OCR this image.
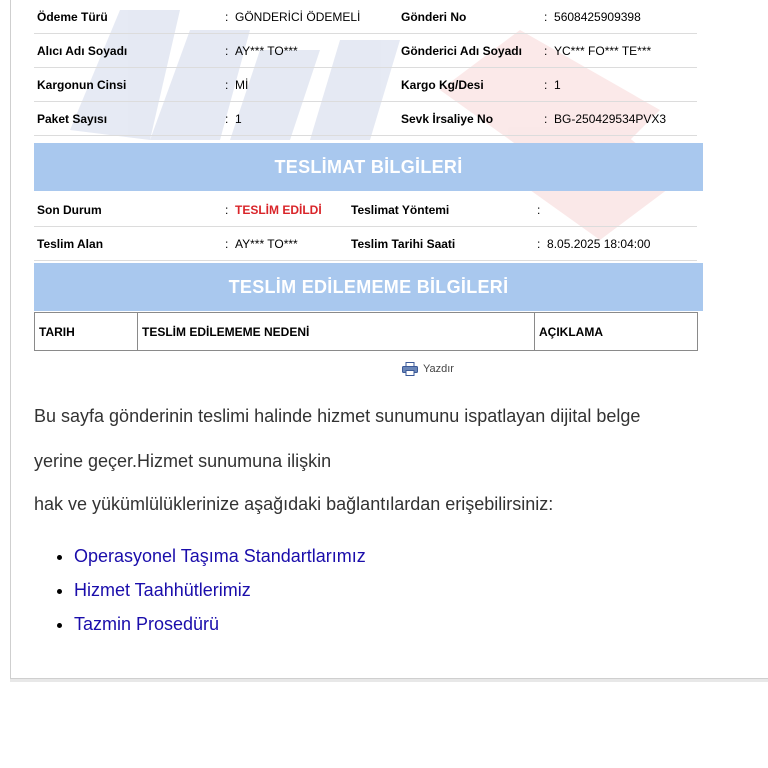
Ödeme Türü	: GÖNDERİCİ ÖDEMELİ	Gönderi No	: 5608425909398
Alıcı Adı Soyadı	: AY*** TO***	Gönderici Adı Soyadı	: YC*** FO*** TE***
Kargonun Cinsi	: Mİ	Kargo Kg/Desi	: 1
Paket Sayısı	: 1	Sevk İrsaliye No	: BG-250429534PVX3
TESLİMAT BİLGİLERİ
Son Durum	: TESLİM EDİLDİ	Teslimat Yöntemi	:
Teslim Alan	: AY*** TO***	Teslim Tarihi Saati	: 8.05.2025 18:04:00
TESLİM EDİLEMEME BİLGİLERİ
TARIH	TESLİM EDİLEMEME NEDENİ	AÇIKLAMA
Yazdır
Bu sayfa gönderinin teslimi halinde hizmet sunumunu ispatlayan dijital belge
yerine geçer.Hizmet sunumuna ilişkin
hak ve yükümlülüklerinize aşağıdaki bağlantılardan erişebilirsiniz:
• Operasyonel Taşıma Standartlarımız
• Hizmet Taahhütlerimiz
• Tazmin Prosedürü
